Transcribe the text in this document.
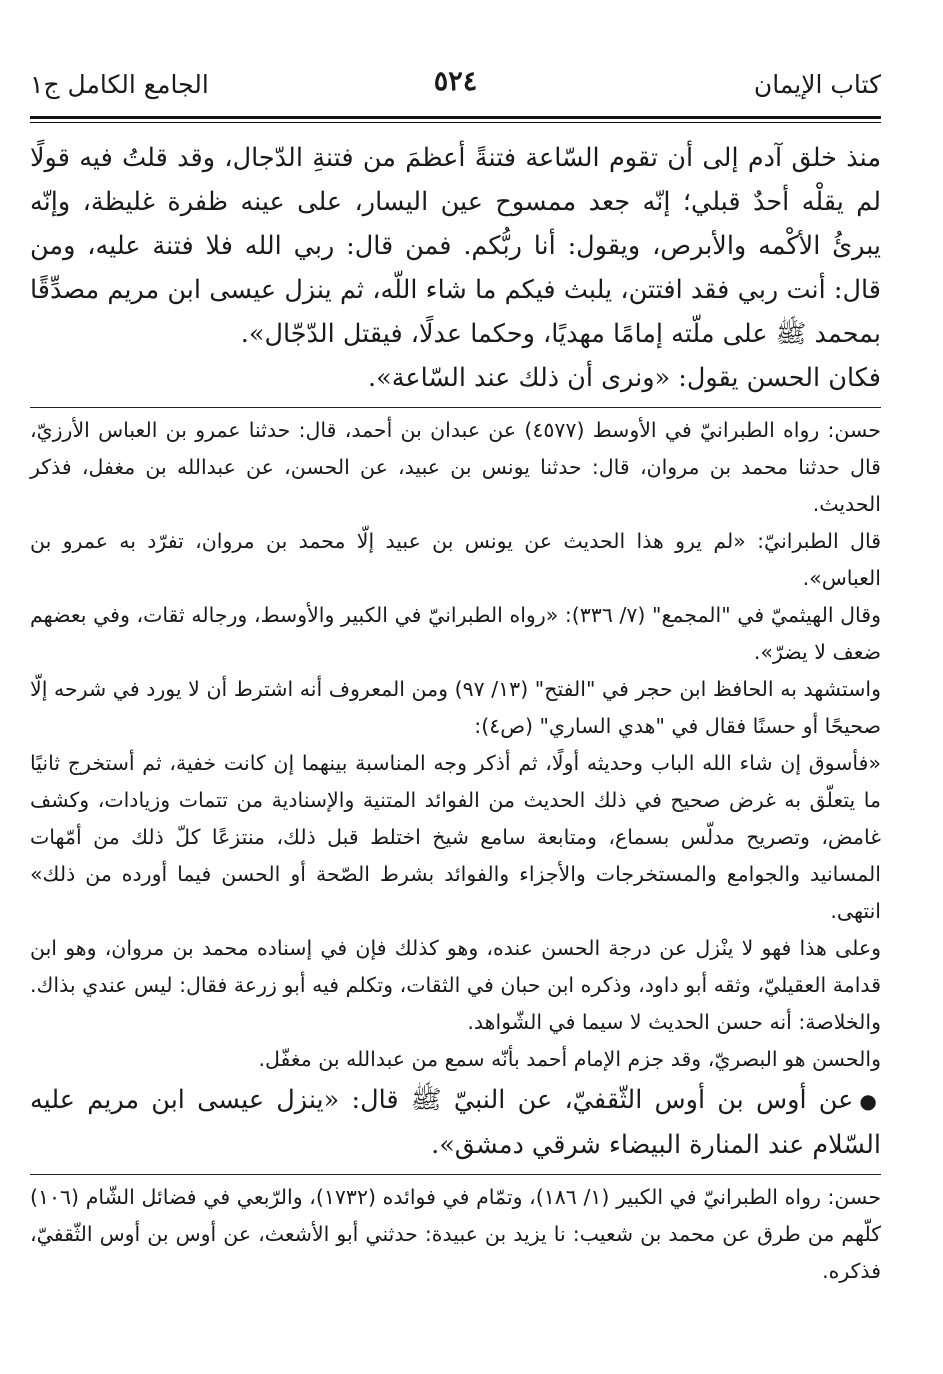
كتاب الإيمان
٥٢٤
الجامع الكامل ج١

منذ خلق آدم إلى أن تقوم السّاعة فتنةً أعظمَ من فتنةِ الدّجال، وقد قلتُ فيه قولًا لم يقلْه أحدٌ قبلي؛ إنّه جعد ممسوح عين اليسار، على عينه ظفرة غليظة، وإنّه يبرئُ الأكْمه والأبرص، ويقول: أنا ربُّكم. فمن قال: ربي الله فلا فتنة عليه، ومن قال: أنت ربي فقد افتتن، يلبث فيكم ما شاء اللّه، ثم ينزل عيسى ابن مريم مصدِّقًا بمحمد ﷺ على ملّته إمامًا مهديًا، وحكما عدلًا، فيقتل الدّجّال».

فكان الحسن يقول: «ونرى أن ذلك عند السّاعة».

حسن: رواه الطبرانيّ في الأوسط (٤٥٧٧) عن عبدان بن أحمد، قال: حدثنا عمرو بن العباس الأرزيّ، قال حدثنا محمد بن مروان، قال: حدثنا يونس بن عبيد، عن الحسن، عن عبدالله بن مغفل، فذكر الحديث.

قال الطبرانيّ: «لم يرو هذا الحديث عن يونس بن عبيد إلّا محمد بن مروان، تفرّد به عمرو بن العباس».

وقال الهيثميّ في "المجمع" (٧/ ٣٣٦): «رواه الطبرانيّ في الكبير والأوسط، ورجاله ثقات، وفي بعضهم ضعف لا يضرّ».

واستشهد به الحافظ ابن حجر في "الفتح" (١٣/ ٩٧) ومن المعروف أنه اشترط أن لا يورد في شرحه إلّا صحيحًا أو حسنًا فقال في "هدي الساري" (ص٤):

«فأسوق إن شاء الله الباب وحديثه أولًا، ثم أذكر وجه المناسبة بينهما إن كانت خفية، ثم أستخرج ثانيًا ما يتعلّق به غرض صحيح في ذلك الحديث من الفوائد المتنية والإسنادية من تتمات وزيادات، وكشف غامض، وتصريح مدلّس بسماع، ومتابعة سامع شيخ اختلط قبل ذلك، منتزعًا كلّ ذلك من أمّهات المسانيد والجوامع والمستخرجات والأجزاء والفوائد بشرط الصّحة أو الحسن فيما أورده من ذلك» انتهى.

وعلى هذا فهو لا ينْزل عن درجة الحسن عنده، وهو كذلك فإن في إسناده محمد بن مروان، وهو ابن قدامة العقيليّ، وثقه أبو داود، وذكره ابن حبان في الثقات، وتكلم فيه أبو زرعة فقال: ليس عندي بذاك. والخلاصة: أنه حسن الحديث لا سيما في الشّواهد.

والحسن هو البصريّ، وقد جزم الإمام أحمد بأنّه سمع من عبدالله بن مغفّل.

●عن أوس بن أوس الثّقفيّ، عن النبيّ ﷺ قال: «ينزل عيسى ابن مريم عليه السّلام عند المنارة البيضاء شرقي دمشق».

حسن: رواه الطبرانيّ في الكبير (١/ ١٨٦)، وتمّام في فوائده (١٧٣٢)، والرّبعي في فضائل الشّام (١٠٦) كلّهم من طرق عن محمد بن شعيب: نا يزيد بن عبيدة: حدثني أبو الأشعث، عن أوس بن أوس الثّقفيّ، فذكره.
